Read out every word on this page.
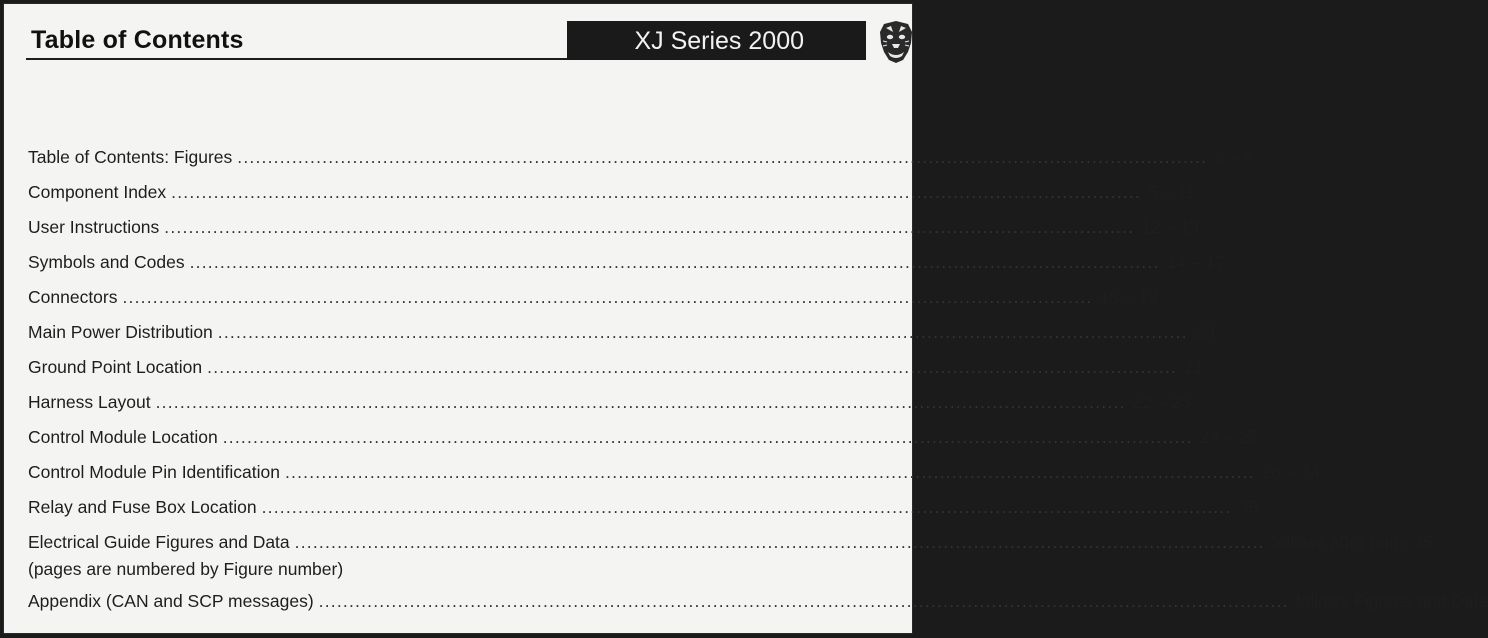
Table of Contents	XJ Series 2000
Table of Contents: Figures ................................................................................................................................................................ 3 – 4
Component Index ................................................................................................................................................................ 5 – 11
User Instructions ................................................................................................................................................................ 12 – 13
Symbols and Codes ................................................................................................................................................................ 14 – 17
Connectors ................................................................................................................................................................ 18 – 19
Main Power Distribution ................................................................................................................................................................ 20
Ground Point Location ................................................................................................................................................................ 21
Harness Layout ................................................................................................................................................................ 22 – 23
Control Module Location ................................................................................................................................................................ 24 – 25
Control Module Pin Identification ................................................................................................................................................................ 26 – 34
Relay and Fuse Box Location ................................................................................................................................................................ 35
Electrical Guide Figures and Data ................................................................................................................................................................ follows after page 35
(pages are numbered by Figure number)
Appendix (CAN and SCP messages) ................................................................................................................................................................ follows Figures and Data
